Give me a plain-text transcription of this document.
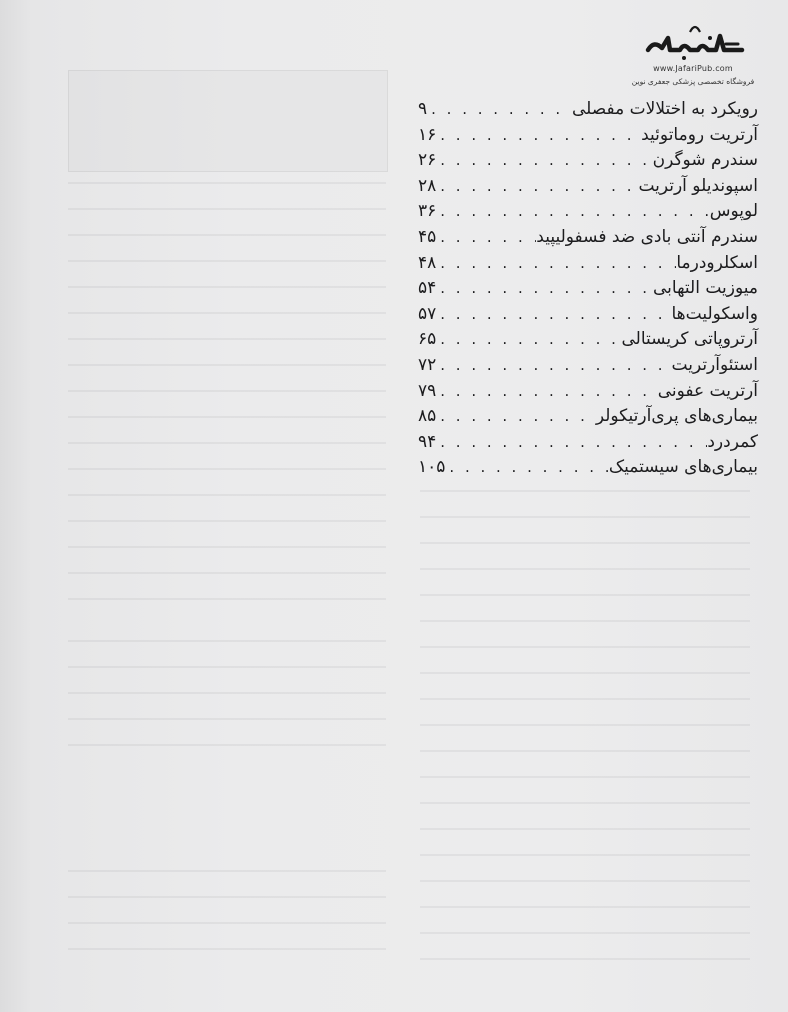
www.JafariPub.com
فروشگاه تخصصی پزشکی جعفری نوین
رویکرد به اختلالات مفصلی
. . .
۹
آرتریت روماتوئید
. . .
۱۶
سندرم شوگرن
. . .
۲۶
اسپوندیلو آرتریت
. . .
۲۸
لوپوس
. . .
۳۶
سندرم آنتی بادی ضد فسفولیپید
. . .
۴۵
اسکلرودرما
. . .
۴۸
میوزیت التهابی
. . .
۵۴
واسکولیت‌ها
. . .
۵۷
آرتروپاتی کریستالی
. . .
۶۵
استئوآرتریت
. . .
۷۲
آرتریت عفونی
. . .
۷۹
بیماری‌های پری‌آرتیکولر
. . .
۸۵
کمردرد
. . .
۹۴
بیماری‌های سیستمیک
. . .
۱۰۵
